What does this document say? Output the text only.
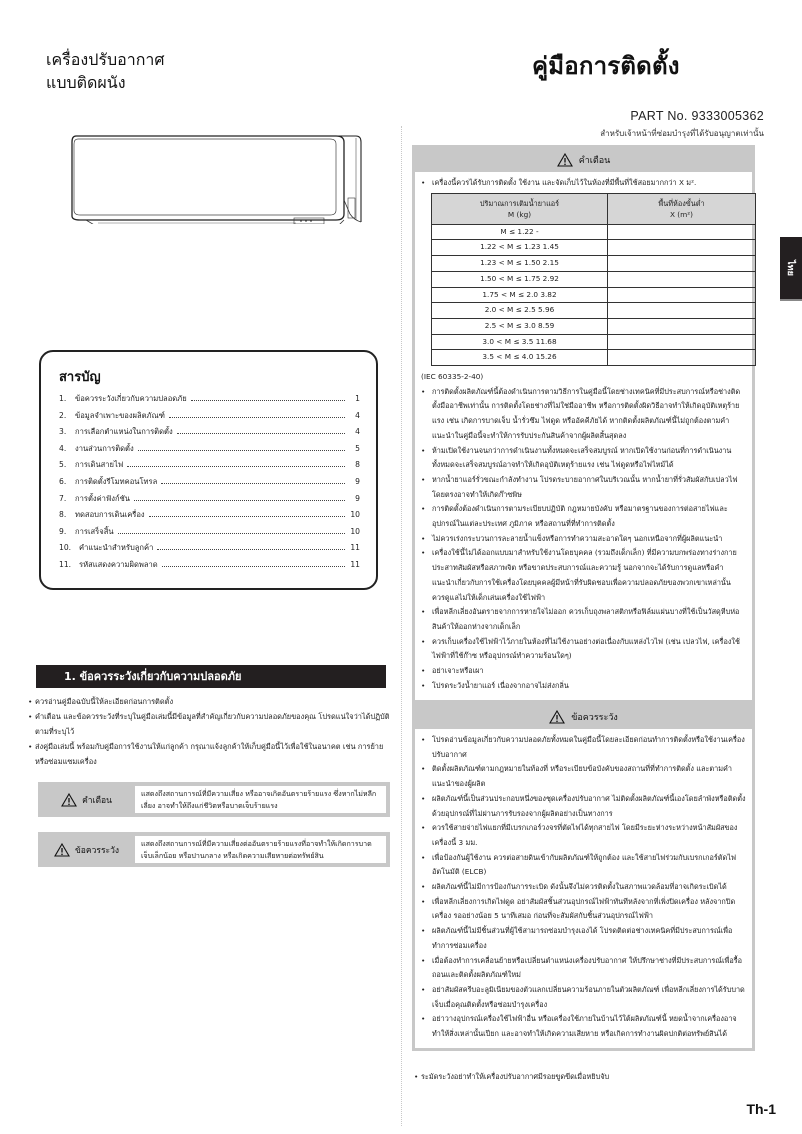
เครื่องปรับอากาศ
แบบติดผนัง
คู่มือการติดตั้ง
PART No. 9333005362
สำหรับเจ้าหน้าที่ซ่อมบำรุงที่ได้รับอนุญาตเท่านั้น
ไทย
สารบัญ
1.	ข้อควรระวังเกี่ยวกับความปลอดภัย	1
2.	ข้อมูลจำเพาะของผลิตภัณฑ์	4
3.	การเลือกตำแหน่งในการติดตั้ง	4
4.	งานส่วนการติดตั้ง	5
5.	การเดินสายไฟ	8
6.	การติดตั้งรีโมทคอนโทรล	9
7.	การตั้งค่าฟังก์ชัน	9
8.	ทดสอบการเดินเครื่อง	10
9.	การเสร็จสิ้น	10
10.	คำแนะนำสำหรับลูกค้า	11
11.	รหัสแสดงความผิดพลาด	11
1. ข้อควรระวังเกี่ยวกับความปลอดภัย
• ควรอ่านคู่มือฉบับนี้ให้ละเอียดก่อนการติดตั้ง
• คำเตือน และข้อควรระวังที่ระบุในคู่มือเล่มนี้มีข้อมูลที่สำคัญเกี่ยวกับความปลอดภัยของคุณ โปรดแน่ใจว่าได้ปฏิบัติตามที่ระบุไว้
• ส่งคู่มือเล่มนี้ พร้อมกับคู่มือการใช้งานให้แก่ลูกค้า กรุณาแจ้งลูกค้าให้เก็บคู่มือนี้ไว้เพื่อใช้ในอนาคต เช่น การย้าย หรือซ่อมแซมเครื่อง
คำเตือน
แสดงถึงสถานการณ์ที่มีความเสี่ยง หรืออาจเกิดอันตรายร้ายแรง ซึ่งหากไม่หลีกเลี่ยง อาจทำให้ถึงแก่ชีวิตหรือบาดเจ็บร้ายแรง
ข้อควรระวัง
แสดงถึงสถานการณ์ที่มีความเสี่ยงต่ออันตรายร้ายแรงที่อาจทำให้เกิดการบาดเจ็บเล็กน้อย หรือปานกลาง หรือเกิดความเสียหายต่อทรัพย์สิน
คำเตือน
• เครื่องนี้ควรได้รับการติดตั้ง ใช้งาน และจัดเก็บไว้ในห้องที่มีพื้นที่ใช้สอยมากกว่า X ม².
ปริมาณการเติมน้ำยาแอร์
M (kg)

พื้นที่ห้องขั้นต่ำ
X (m²)

M ≤ 1.22 -	
1.22 < M ≤ 1.23 1.45	
1.23 < M ≤ 1.50 2.15	
1.50 < M ≤ 1.75 2.92	
1.75 < M ≤ 2.0 3.82	
2.0 < M ≤ 2.5 5.96	
2.5 < M ≤ 3.0 8.59	
3.0 < M ≤ 3.5 11.68	
3.5 < M ≤ 4.0 15.26	
(IEC 60335-2-40)
• การติดตั้งผลิตภัณฑ์นี้ต้องดำเนินการตามวิธีการในคู่มือนี้โดยช่างเทคนิคที่มีประสบการณ์หรือช่างติดตั้งมืออาชีพเท่านั้น การติดตั้งโดยช่างที่ไม่ใช่มืออาชีพ หรือการติดตั้งผิดวิธีอาจทำให้เกิดอุบัติเหตุร้ายแรง เช่น เกิดการบาดเจ็บ น้ำรั่วซึม ไฟดูด หรืออัคคีภัยได้ หากติดตั้งผลิตภัณฑ์นี้ไม่ถูกต้องตามคำแนะนำในคู่มือนี้จะทำให้การรับประกันสินค้าจากผู้ผลิตสิ้นสุดลง
• ห้ามเปิดใช้งานจนกว่าการดำเนินงานทั้งหมดจะเสร็จสมบูรณ์ หากเปิดใช้งานก่อนที่การดำเนินงานทั้งหมดจะเสร็จสมบูรณ์อาจทำให้เกิดอุบัติเหตุร้ายแรง เช่น ไฟดูดหรือไฟไหม้ได้
• หากน้ำยาแอร์รั่วขณะกำลังทำงาน โปรดระบายอากาศในบริเวณนั้น หากน้ำยาที่รั่วสัมผัสกับเปลวไฟโดยตรงอาจทำให้เกิดก๊าซพิษ
• การติดตั้งต้องดำเนินการตามระเบียบปฏิบัติ กฎหมายบังคับ หรือมาตรฐานของการต่อสายไฟและอุปกรณ์ในแต่ละประเทศ ภูมิภาค หรือสถานที่ที่ทำการติดตั้ง
• ไม่ควรเร่งกระบวนการละลายน้ำแข็งหรือการทำความสะอาดใดๆ นอกเหนือจากที่ผู้ผลิตแนะนำ
• เครื่องใช้นี้ไม่ได้ออกแบบมาสำหรับใช้งานโดยบุคคล (รวมถึงเด็กเล็ก) ที่มีความบกพร่องทางร่างกาย ประสาทสัมผัสหรือสภาพจิต หรือขาดประสบการณ์และความรู้ นอกจากจะได้รับการดูแลหรือคำแนะนำเกี่ยวกับการใช้เครื่องโดยบุคคลผู้มีหน้าที่รับผิดชอบเพื่อความปลอดภัยของพวกเขาเหล่านั้น ควรดูแลไม่ให้เด็กเล่นเครื่องใช้ไฟฟ้า
• เพื่อหลีกเลี่ยงอันตรายจากการหายใจไม่ออก ควรเก็บถุงพลาสติกหรือฟิล์มแผ่นบางที่ใช้เป็นวัสดุหีบห่อสินค้าให้ออกห่างจากเด็กเล็ก
• ควรเก็บเครื่องใช้ไฟฟ้าไว้ภายในห้องที่ไม่ใช้งานอย่างต่อเนื่องกับแหล่งไวไฟ (เช่น เปลวไฟ, เครื่องใช้ไฟฟ้าที่ใช้ก๊าซ หรืออุปกรณ์ทำความร้อนใดๆ)
• อย่าเจาะหรือเผา
• โปรดระวังน้ำยาแอร์ เนื่องจากอาจไม่ส่งกลิ่น
ข้อควรระวัง
• โปรดอ่านข้อมูลเกี่ยวกับความปลอดภัยทั้งหมดในคู่มือนี้โดยละเอียดก่อนทำการติดตั้งหรือใช้งานเครื่องปรับอากาศ
• ติดตั้งผลิตภัณฑ์ตามกฎหมายในท้องที่ หรือระเบียบข้อบังคับของสถานที่ที่ทำการติดตั้ง และตามคำแนะนำของผู้ผลิต
• ผลิตภัณฑ์นี้เป็นส่วนประกอบหนึ่งของชุดเครื่องปรับอากาศ ไม่ติดตั้งผลิตภัณฑ์นี้เองโดยลำพังหรือติดตั้งด้วยอุปกรณ์ที่ไม่ผ่านการรับรองจากผู้ผลิตอย่างเป็นทางการ
• ควรใช้สายจ่ายไฟแยกที่มีเบรกเกอร์วงจรที่ตัดไฟได้ทุกสายไฟ โดยมีระยะห่างระหว่างหน้าสัมผัสของเครื่องนี้ 3 มม.
• เพื่อป้องกันผู้ใช้งาน ควรต่อสายดินเข้ากับผลิตภัณฑ์ให้ถูกต้อง และใช้สายไฟร่วมกับเบรกเกอร์ตัดไฟอัตโนมัติ (ELCB)
• ผลิตภัณฑ์นี้ไม่มีการป้องกันการระเบิด ดังนั้นจึงไม่ควรติดตั้งในสภาพแวดล้อมที่อาจเกิดระเบิดได้
• เพื่อหลีกเลี่ยงการเกิดไฟดูด อย่าสัมผัสชิ้นส่วนอุปกรณ์ไฟฟ้าทันทีหลังจากที่เพิ่งปิดเครื่อง หลังจากปิดเครื่อง รออย่างน้อย 5 นาทีเสมอ ก่อนที่จะสัมผัสกับชิ้นส่วนอุปกรณ์ไฟฟ้า
• ผลิตภัณฑ์นี้ไม่มีชิ้นส่วนที่ผู้ใช้สามารถซ่อมบำรุงเองได้ โปรดติดต่อช่างเทคนิคที่มีประสบการณ์เพื่อทำการซ่อมเครื่อง
• เมื่อต้องทำการเคลื่อนย้ายหรือเปลี่ยนตำแหน่งเครื่องปรับอากาศ ให้ปรึกษาช่างที่มีประสบการณ์เพื่อรื้อถอนและติดตั้งผลิตภัณฑ์ใหม่
• อย่าสัมผัสครีบอะลูมิเนียมของตัวแลกเปลี่ยนความร้อนภายในตัวผลิตภัณฑ์ เพื่อหลีกเลี่ยงการได้รับบาดเจ็บเมื่อคุณติดตั้งหรือซ่อมบำรุงเครื่อง
• อย่าวางอุปกรณ์เครื่องใช้ไฟฟ้าอื่น หรือเครื่องใช้ภายในบ้านไว้ใต้ผลิตภัณฑ์นี้ หยดน้ำจากเครื่องอาจทำให้สิ่งเหล่านั้นเปียก และอาจทำให้เกิดความเสียหาย หรือเกิดการทำงานผิดปกติต่อทรัพย์สินได้
• ระมัดระวังอย่าทำให้เครื่องปรับอากาศมีรอยขูดขีดเมื่อหยิบจับ
Th-1
